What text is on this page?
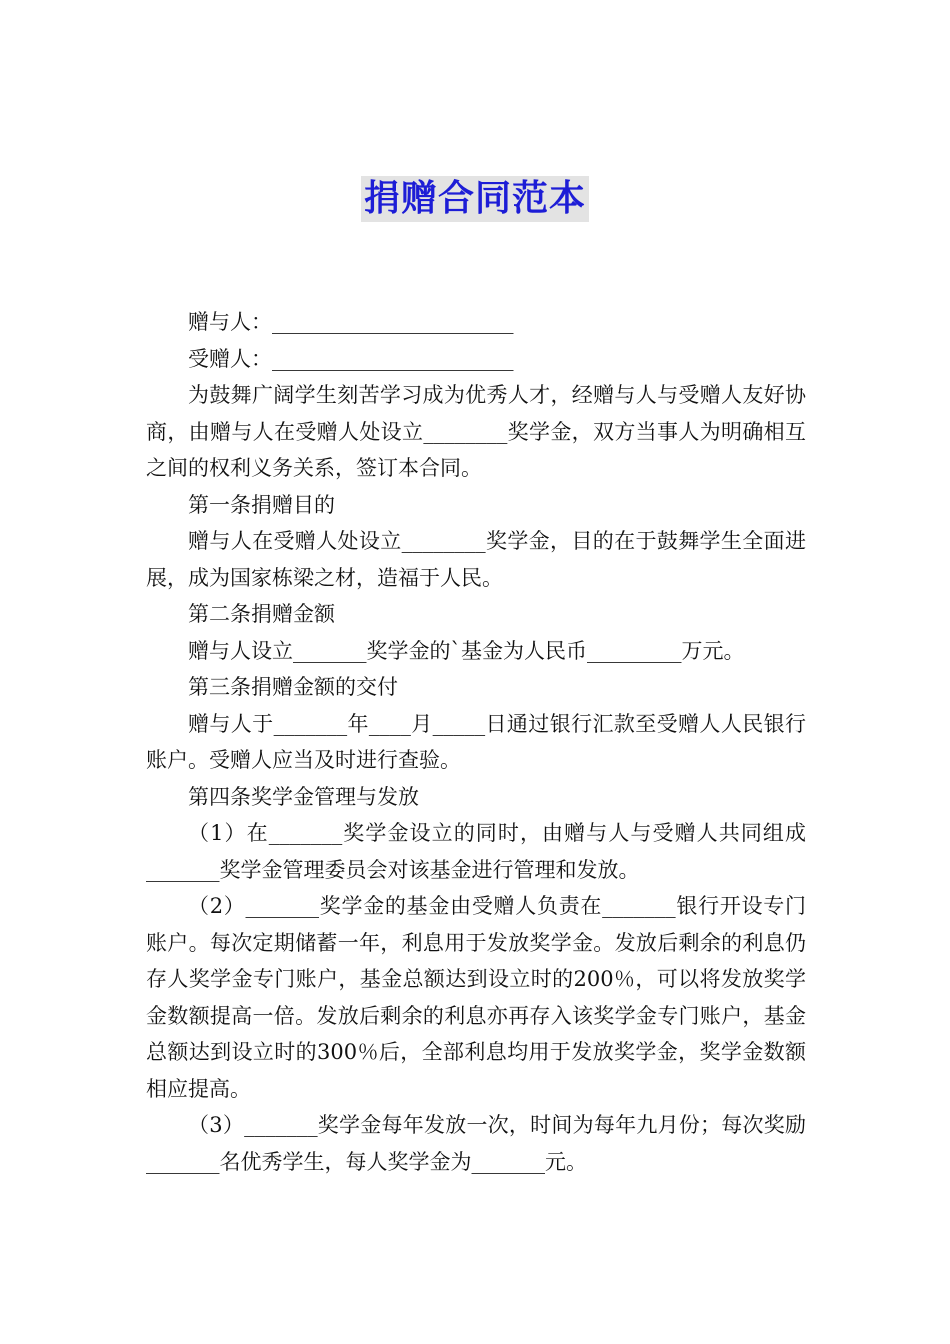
捐赠合同范本

赠与人：_______________________

受赠人：_______________________

为鼓舞广阔学生刻苦学习成为优秀人才，经赠与人与受赠人友好协商，由赠与人在受赠人处设立________奖学金，双方当事人为明确相互之间的权利义务关系，签订本合同。

第一条捐赠目的

赠与人在受赠人处设立________奖学金，目的在于鼓舞学生全面进展，成为国家栋梁之材，造福于人民。

第二条捐赠金额

赠与人设立_______奖学金的`基金为人民币_________万元。

第三条捐赠金额的交付

赠与人于_______年____月_____日通过银行汇款至受赠人人民银行账户。受赠人应当及时进行查验。

第四条奖学金管理与发放

（1）在_______奖学金设立的同时，由赠与人与受赠人共同组成_______奖学金管理委员会对该基金进行管理和发放。

（2）_______奖学金的基金由受赠人负责在_______银行开设专门账户。每次定期储蓄一年，利息用于发放奖学金。发放后剩余的利息仍存人奖学金专门账户，基金总额达到设立时的200％，可以将发放奖学金数额提高一倍。发放后剩余的利息亦再存入该奖学金专门账户，基金总额达到设立时的300％后，全部利息均用于发放奖学金，奖学金数额相应提高。

（3）_______奖学金每年发放一次，时间为每年九月份；每次奖励_______名优秀学生，每人奖学金为_______元。
